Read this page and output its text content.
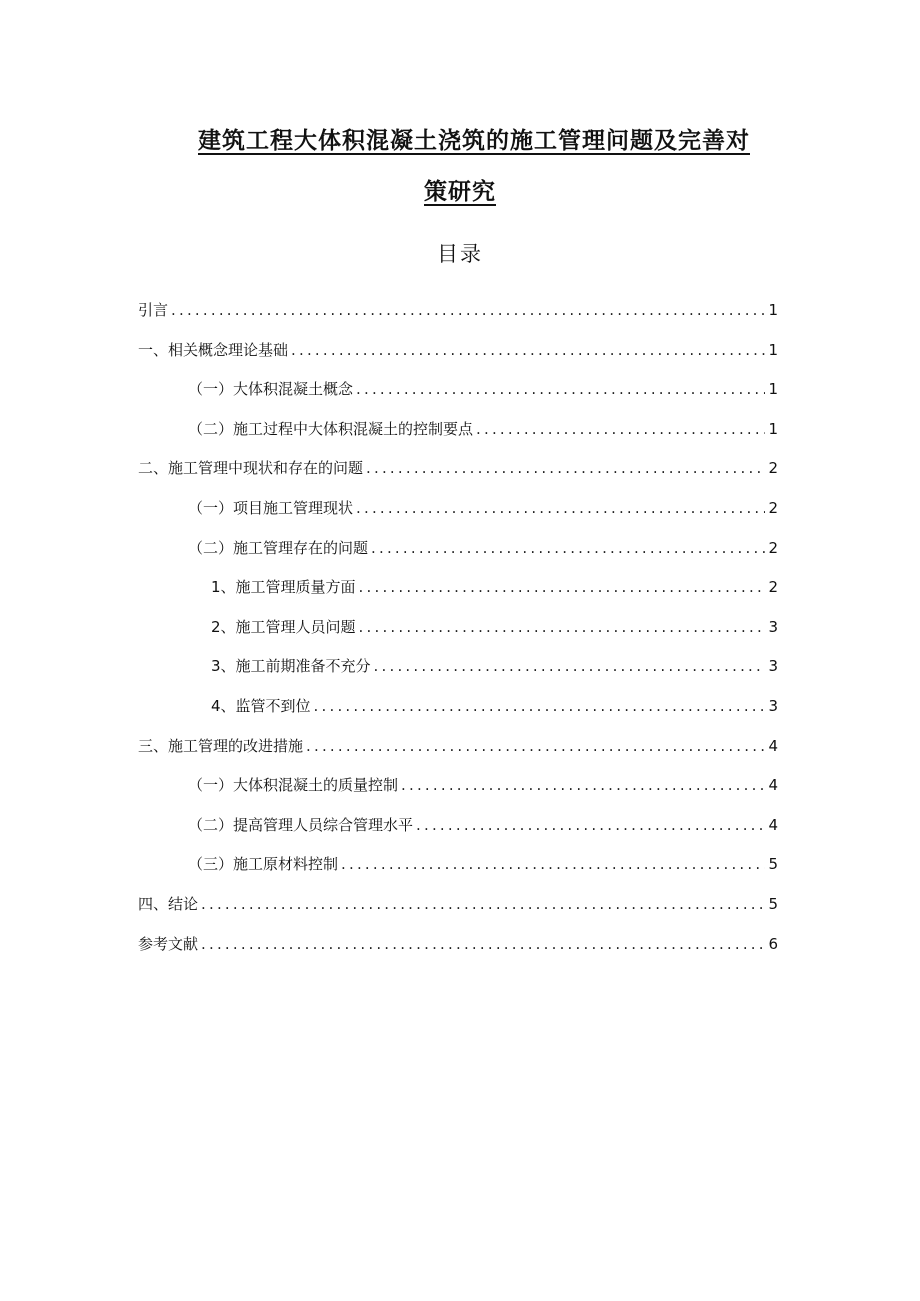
建筑工程大体积混凝土浇筑的施工管理问题及完善对
策研究
目录
引言 .....	1
一、相关概念理论基础 .....	1
（一）大体积混凝土概念 .....	1
（二）施工过程中大体积混凝土的控制要点 .....	1
二、施工管理中现状和存在的问题 .....	2
（一）项目施工管理现状 .....	2
（二）施工管理存在的问题 .....	2
1、施工管理质量方面 .....	2
2、施工管理人员问题 .....	3
3、施工前期准备不充分 .....	3
4、监管不到位 .....	3
三、施工管理的改进措施 .....	4
（一）大体积混凝土的质量控制 .....	4
（二）提高管理人员综合管理水平 .....	4
（三）施工原材料控制 .....	5
四、结论 .....	5
参考文献 .....	6
